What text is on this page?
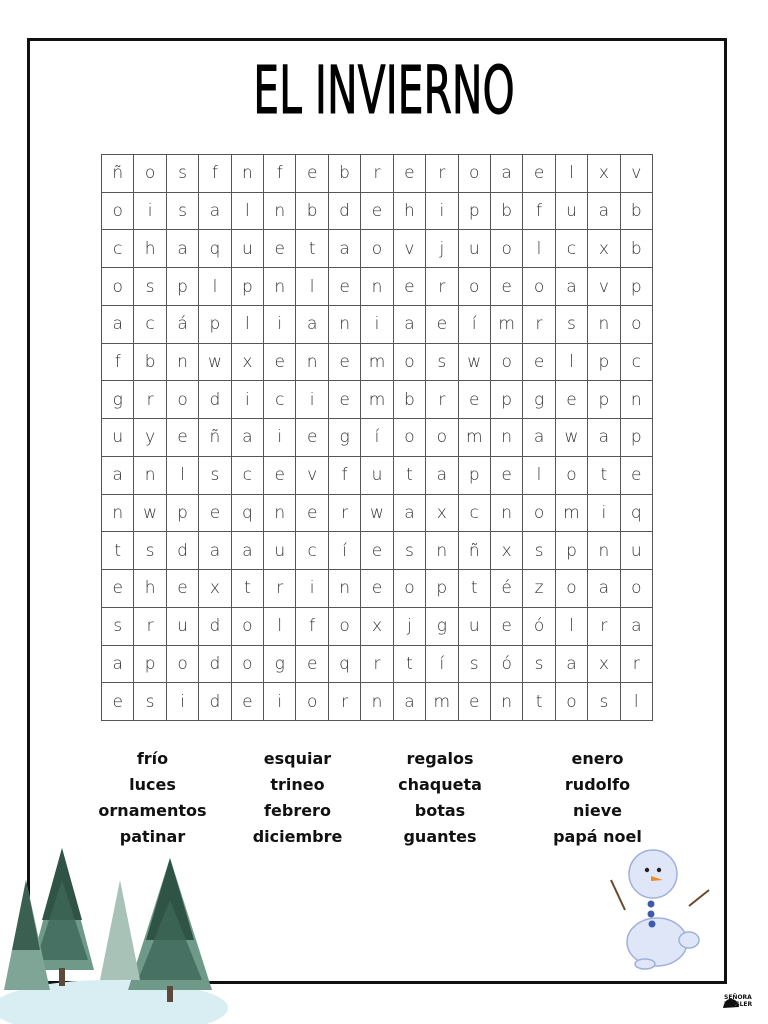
EL INVIERNO
ñ	o	s	f	n	f	e	b	r	e	r	o	a	e	l	x	v
o	i	s	a	l	n	b	d	e	h	i	p	b	f	u	a	b
c	h	a	q	u	e	t	a	o	v	j	u	o	l	c	x	b
o	s	p	l	p	n	l	e	n	e	r	o	e	o	a	v	p
a	c	á	p	l	i	a	n	i	a	e	í	m	r	s	n	o
f	b	n	w	x	e	n	e	m	o	s	w	o	e	l	p	c
g	r	o	d	i	c	i	e	m	b	r	e	p	g	e	p	n
u	y	e	ñ	a	i	e	g	í	o	o	m	n	a	w	a	p
a	n	l	s	c	e	v	f	u	t	a	p	e	l	o	t	e
n	w	p	e	q	n	e	r	w	a	x	c	n	o	m	i	q
t	s	d	a	a	u	c	í	e	s	n	ñ	x	s	p	n	u
e	h	e	x	t	r	i	n	e	o	p	t	é	z	o	a	o
s	r	u	d	o	l	f	o	x	j	g	u	e	ó	l	r	a
a	p	o	d	o	g	e	q	r	t	í	s	ó	s	a	x	r
e	s	i	d	e	i	o	r	n	a	m	e	n	t	o	s	l
frío
luces
ornamentos
patinar
esquiar
trineo
febrero
diciembre
regalos
chaqueta
botas
guantes
enero
rudolfo
nieve
papá noel
SEÑORA
ZIEGLER
